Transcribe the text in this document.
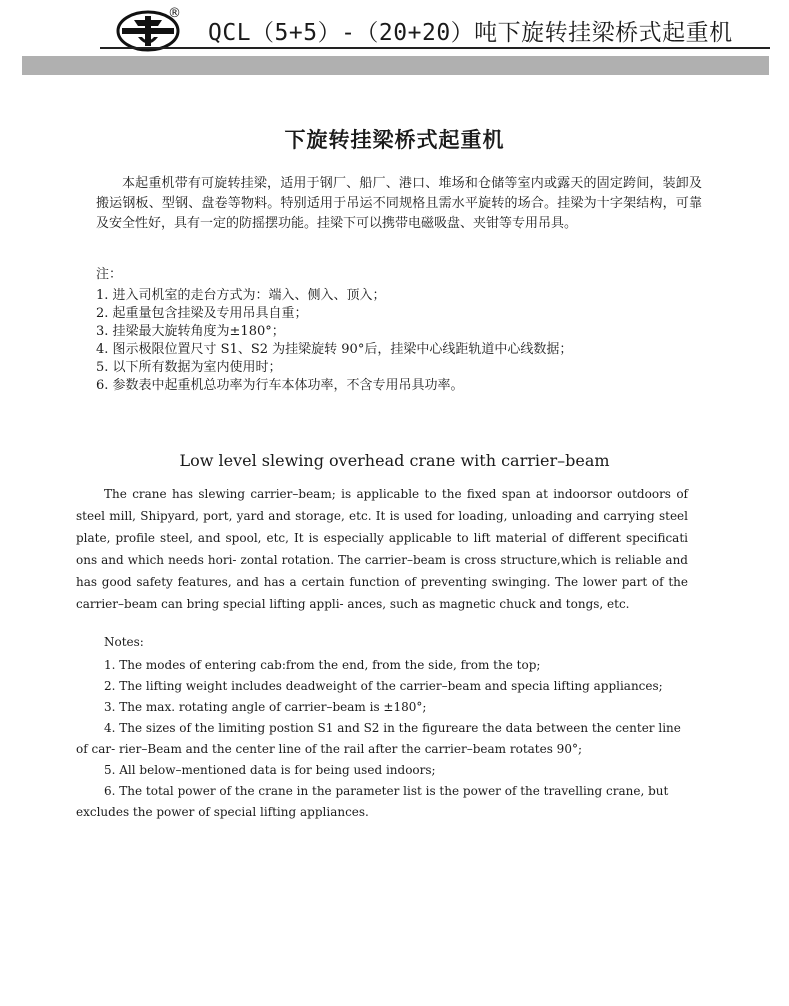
®
QCL（5+5）-（20+20）吨下旋转挂梁桥式起重机
下旋转挂梁桥式起重机

本起重机带有可旋转挂梁，适用于钢厂、船厂、港口、堆场和仓储等室内或露天的固定跨间，装卸及搬运钢板、型钢、盘卷等物料。特别适用于吊运不同规格且需水平旋转的场合。挂梁为十字架结构，可靠及安全性好，具有一定的防摇摆功能。挂梁下可以携带电磁吸盘、夹钳等专用吊具。

注：
1. 进入司机室的走台方式为：端入、侧入、顶入；
2. 起重量包含挂梁及专用吊具自重；
3. 挂梁最大旋转角度为±180°；
4. 图示极限位置尺寸 S1、S2 为挂梁旋转 90°后，挂梁中心线距轨道中心线数据；
5. 以下所有数据为室内使用时；
6. 参数表中起重机总功率为行车本体功率，不含专用吊具功率。
Low level slewing overhead crane with carrier–beam

The crane has slewing carrier–beam; is applicable to the fixed span at indoorsor outdoors of steel mill, Shipyard, port, yard and storage, etc. It is used for loading, unloading and carrying steel plate, profile steel, and spool, etc, It is especially applicable to lift material of different specificati ons and which needs hori- zontal rotation. The carrier–beam is cross structure,which is reliable and has good safety features, and has a certain function of preventing swinging. The lower part of the carrier–beam can bring special lifting appli- ances, such as magnetic chuck and tongs, etc.

Notes:

1. The modes of entering cab:from the end, from the side, from the top;

2. The lifting weight includes deadweight of the carrier–beam and specia lifting appliances;

3. The max. rotating angle of carrier–beam is ±180°;

4. The sizes of the limiting postion S1 and S2 in the figureare the data between the center line of car- rier–Beam and the center line of the rail after the carrier–beam rotates 90°;

5. All below–mentioned data is for being used indoors;

6. The total power of the crane in the parameter list is the power of the travelling crane, but excludes the power of special lifting appliances.
